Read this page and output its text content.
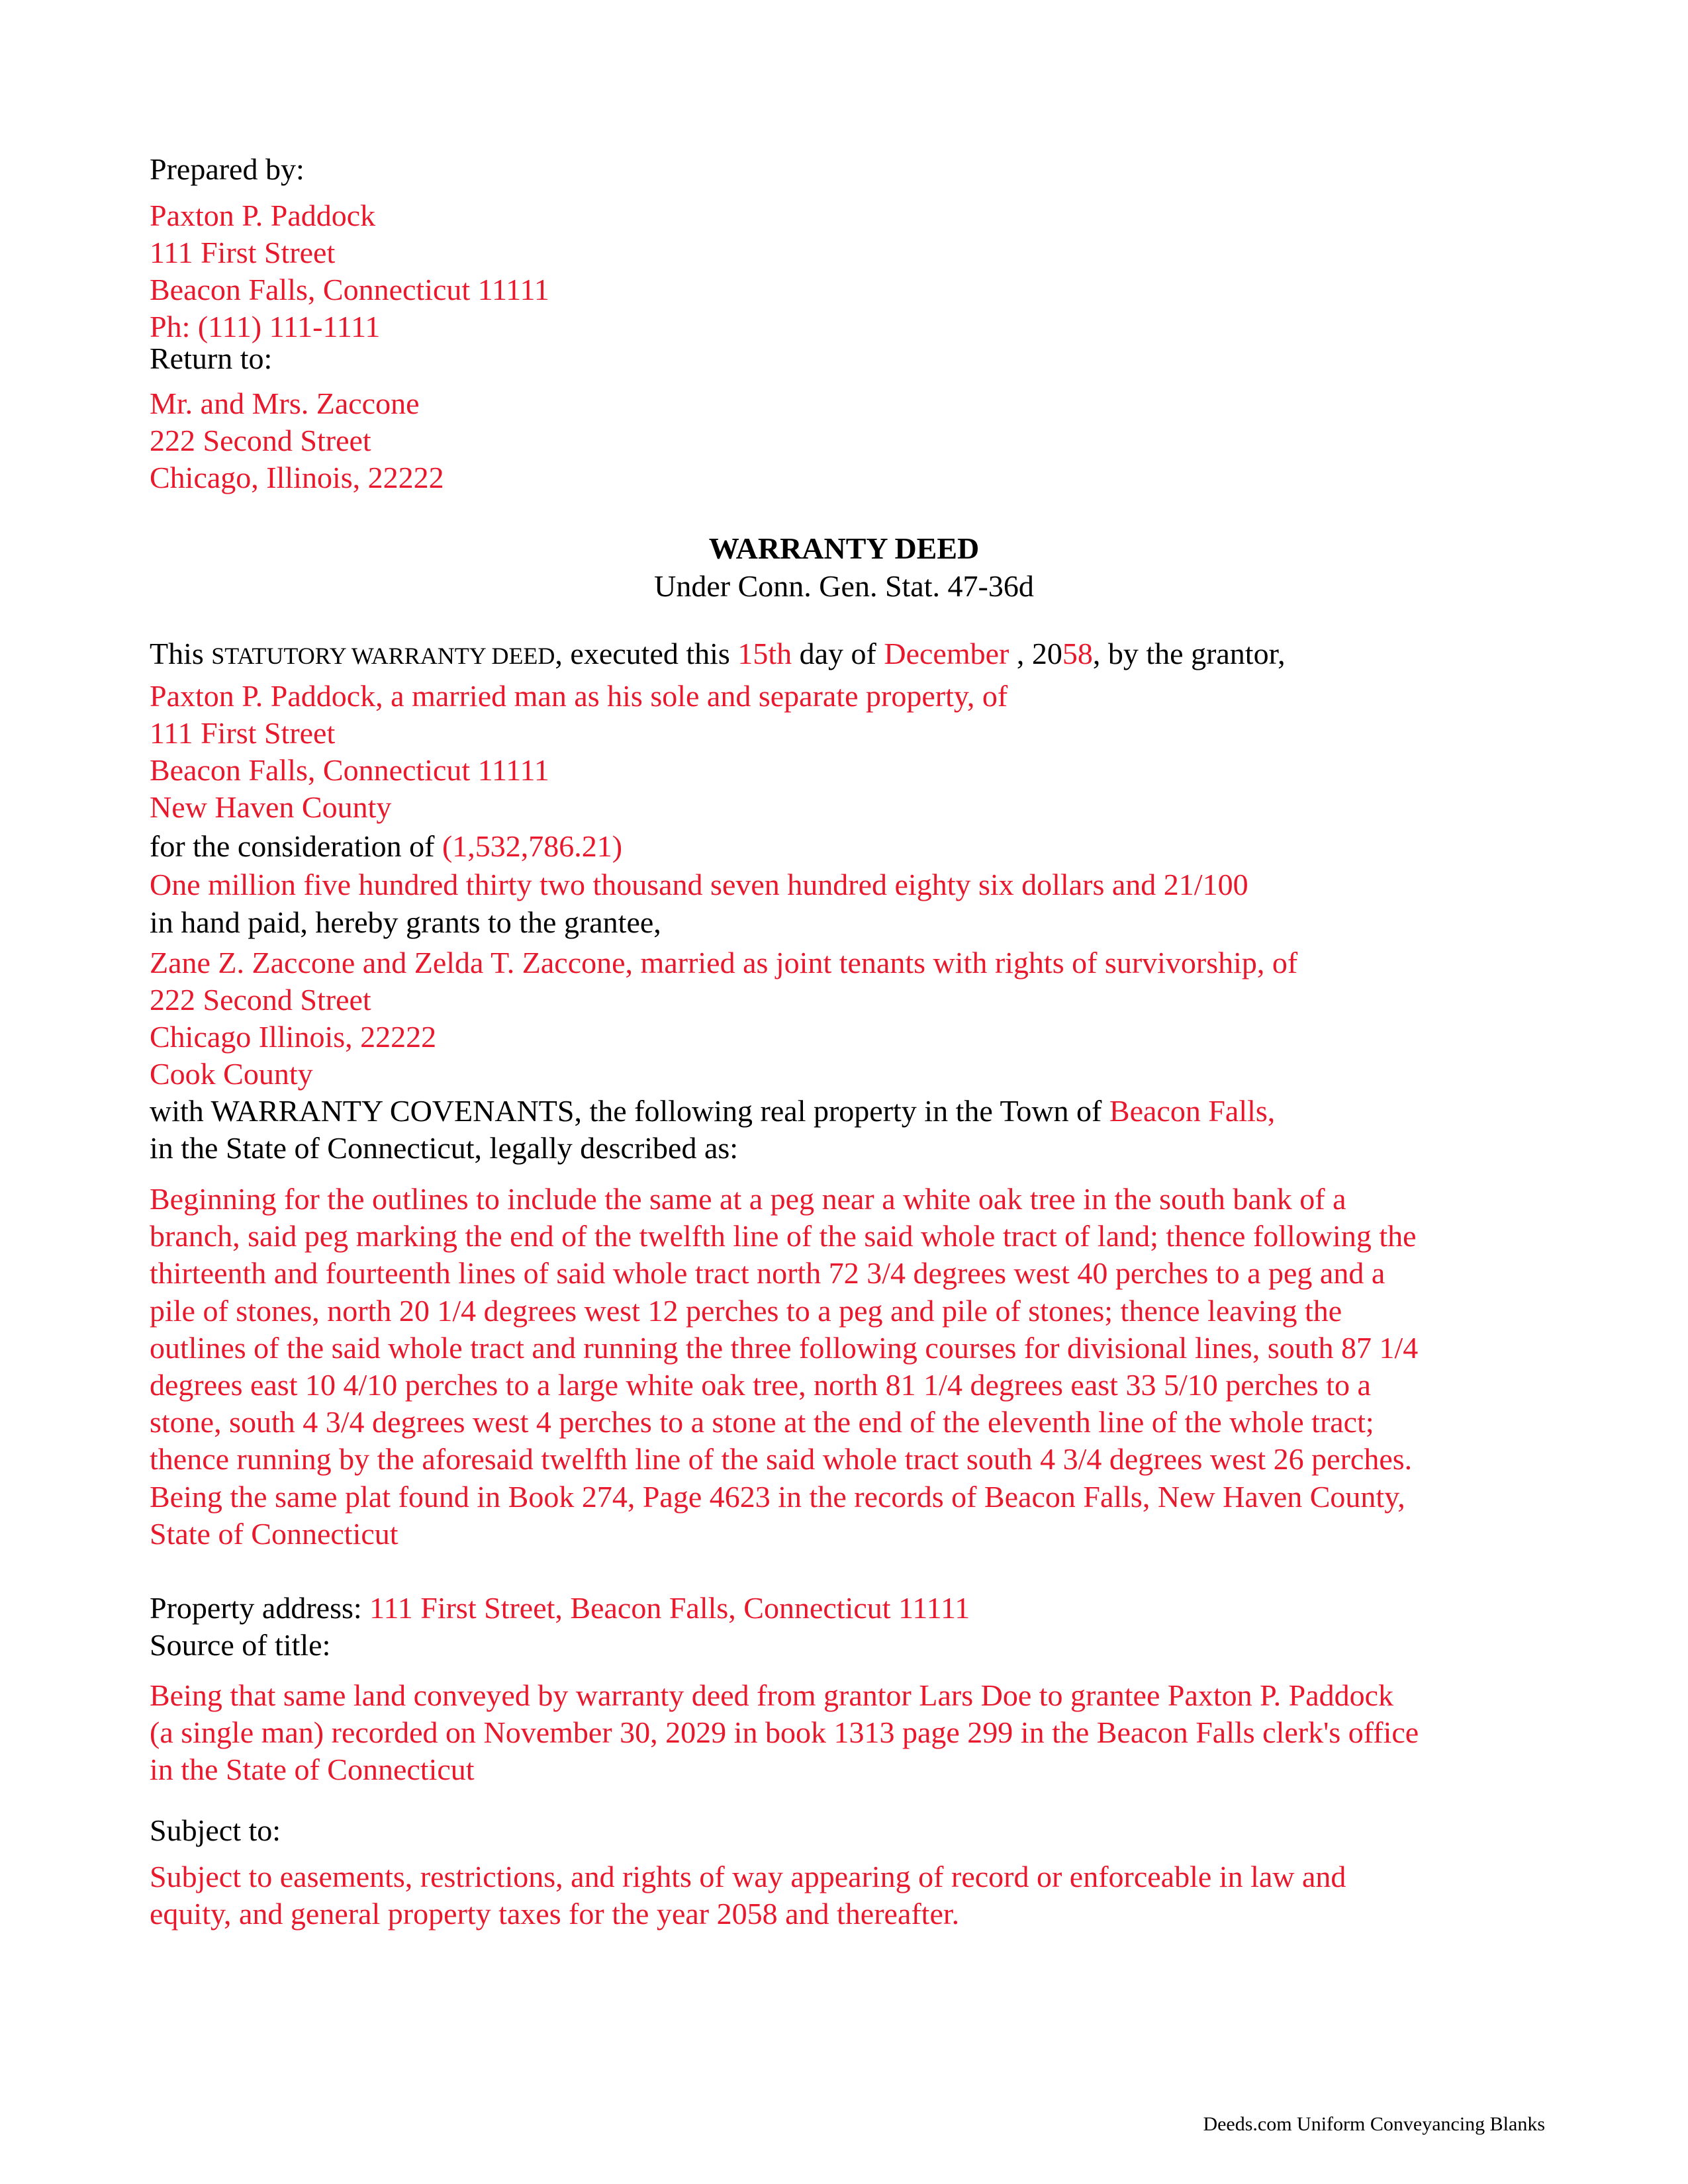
Prepared by:
Paxton P. Paddock
111 First Street
Beacon Falls, Connecticut 11111
Ph: (111) 111-1111
Return to:
Mr. and Mrs. Zaccone
222 Second Street
Chicago, Illinois, 22222
WARRANTY DEED
Under Conn. Gen. Stat. 47-36d
This STATUTORY WARRANTY DEED, executed this 15th day of December , 2058, by the grantor,
Paxton P. Paddock, a married man as his sole and separate property, of
111 First Street
Beacon Falls, Connecticut 11111
New Haven County
for the consideration of (1,532,786.21)
One million five hundred thirty two thousand seven hundred eighty six dollars and 21/100
in hand paid, hereby grants to the grantee,
Zane Z. Zaccone and Zelda T. Zaccone, married as joint tenants with rights of survivorship, of
222 Second Street
Chicago Illinois, 22222
Cook County
with WARRANTY COVENANTS, the following real property in the Town of Beacon Falls,
in the State of Connecticut, legally described as:
Beginning for the outlines to include the same at a peg near a white oak tree in the south bank of a
branch, said peg marking the end of the twelfth line of the said whole tract of land; thence following the
thirteenth and fourteenth lines of said whole tract north 72 3/4 degrees west 40 perches to a peg and a
pile of stones, north 20 1/4 degrees west 12 perches to a peg and pile of stones; thence leaving the
outlines of the said whole tract and running the three following courses for divisional lines, south 87 1/4
degrees east 10 4/10 perches to a large white oak tree, north 81 1/4 degrees east 33 5/10 perches to a
stone, south 4 3/4 degrees west 4 perches to a stone at the end of the eleventh line of the whole tract;
thence running by the aforesaid twelfth line of the said whole tract south 4 3/4 degrees west 26 perches.
Being the same plat found in Book 274, Page 4623 in the records of Beacon Falls, New Haven County,
State of Connecticut
Property address: 111 First Street, Beacon Falls, Connecticut 11111
Source of title:
Being that same land conveyed by warranty deed from grantor Lars Doe to grantee Paxton P. Paddock
(a single man) recorded on November 30, 2029 in book 1313 page 299 in the Beacon Falls clerk's office
in the State of Connecticut
Subject to:
Subject to easements, restrictions, and rights of way appearing of record or enforceable in law and
equity, and general property taxes for the year 2058 and thereafter.
Deeds.com Uniform Conveyancing Blanks
